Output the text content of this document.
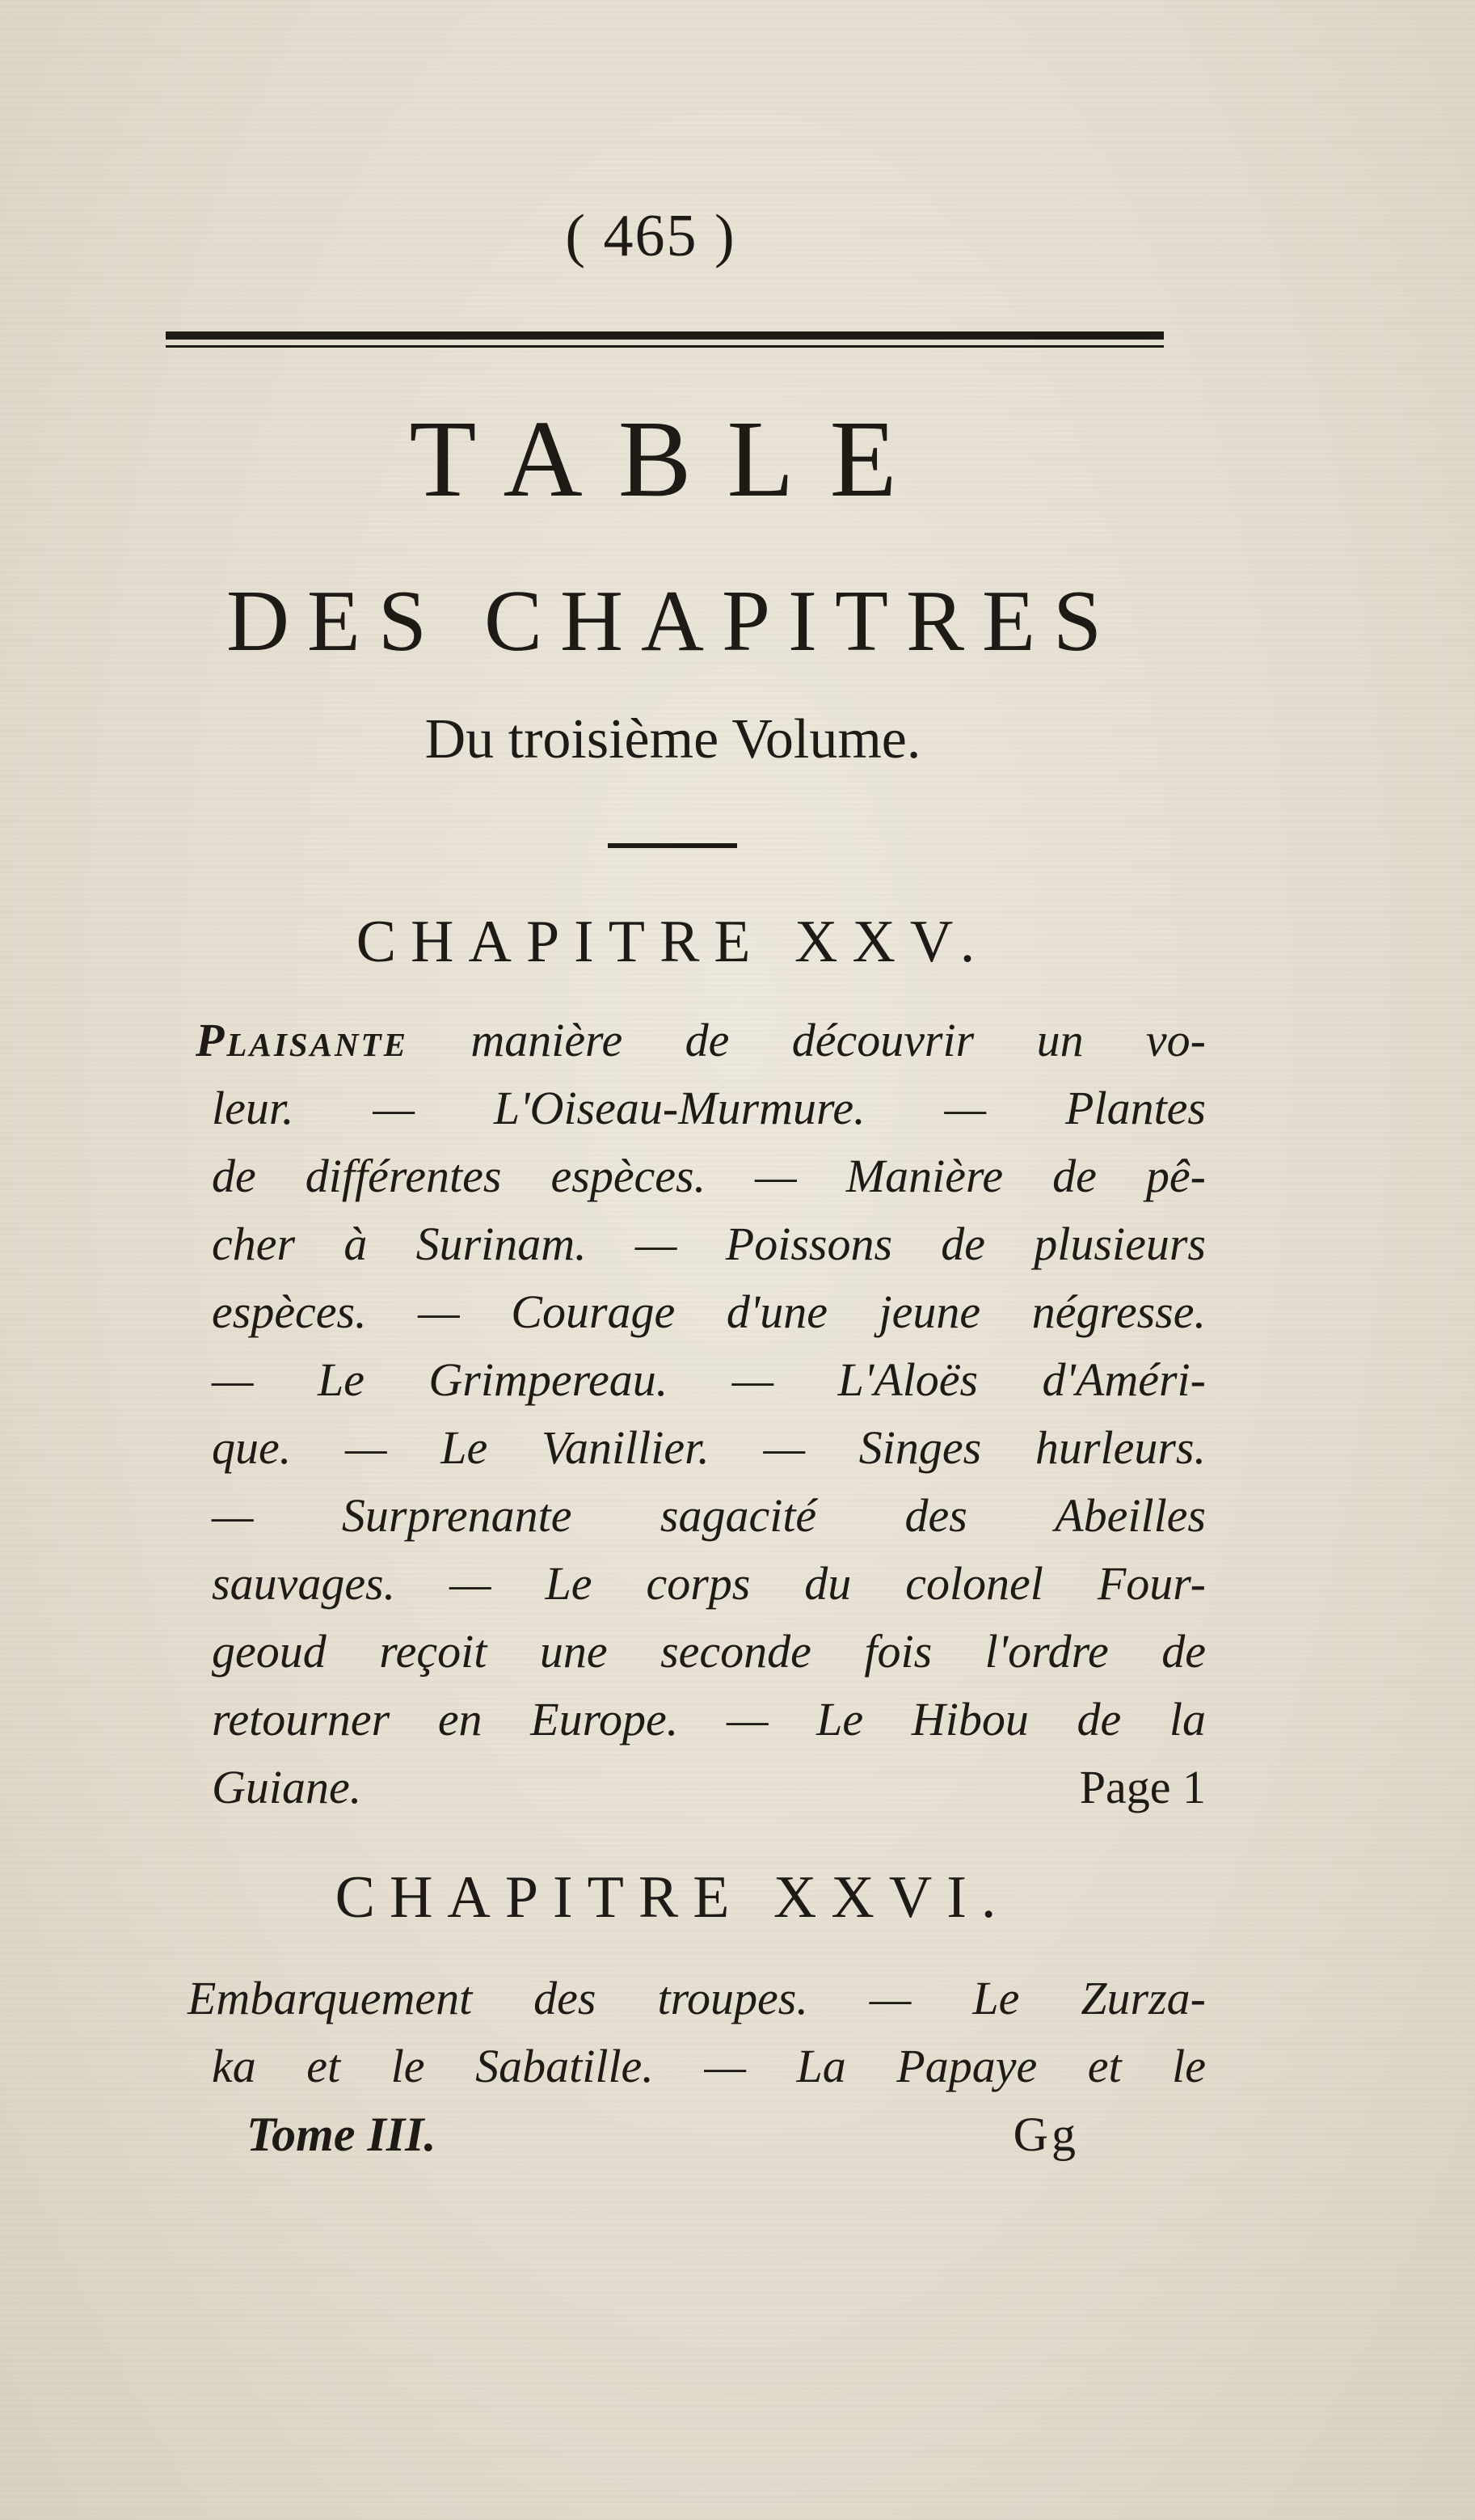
( 465 )
TABLE
DES CHAPITRES
Du troisième Volume.
CHAPITRE XXV.
Plaisante manière de découvrir un vo-
leur. — L'Oiseau-Murmure. — Plantes
de différentes espèces. — Manière de pê-
cher à Surinam. — Poissons de plusieurs
espèces. — Courage d'une jeune négresse.
— Le Grimpereau. — L'Aloës d'Améri-
que. — Le Vanillier. — Singes hurleurs.
— Surprenante sagacité des Abeilles
sauvages. — Le corps du colonel Four-
geoud reçoit une seconde fois l'ordre de
retourner en Europe. — Le Hibou de la
Guiane.	Page 1
CHAPITRE XXVI.
Embarquement des troupes. — Le Zurza-
ka et le Sabatille. — La Papaye et le
Tome III.	Gg
